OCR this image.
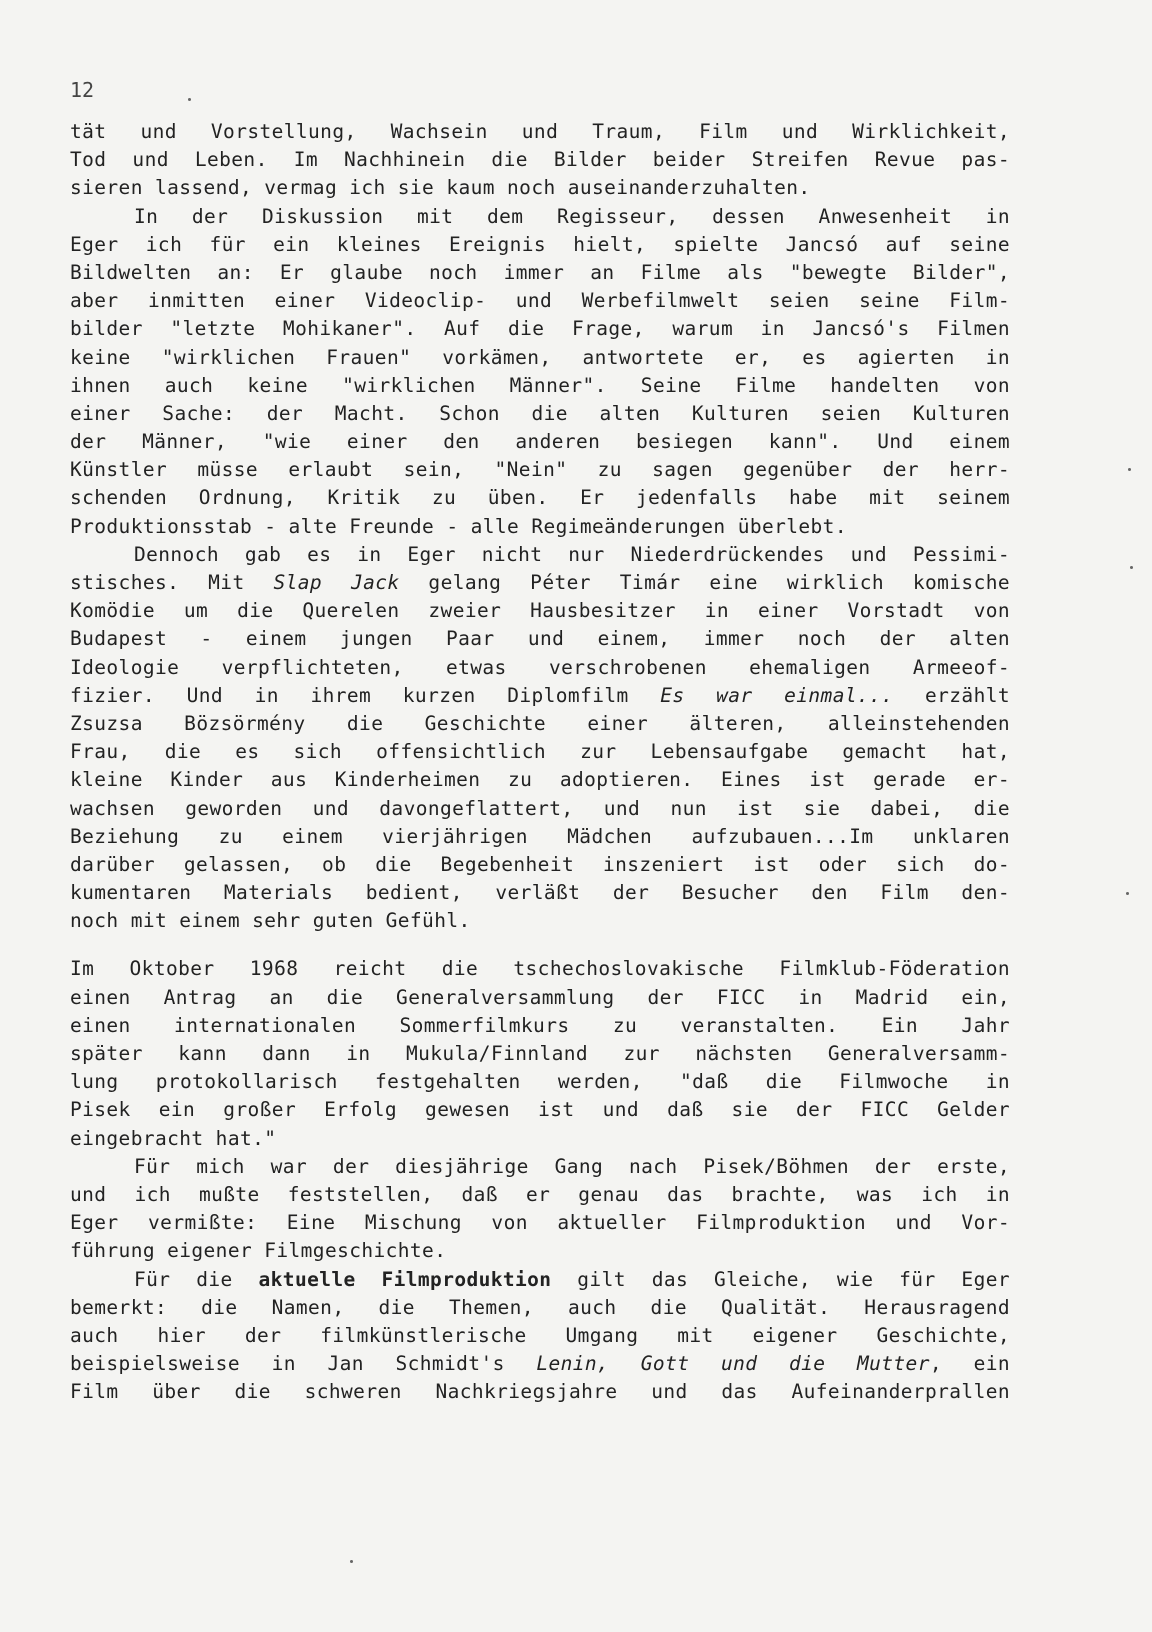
12
tät und Vorstellung, Wachsein und Traum, Film und Wirklichkeit,
Tod und Leben. Im Nachhinein die Bilder beider Streifen Revue pas-
sieren lassend, vermag ich sie kaum noch auseinanderzuhalten.
In der Diskussion mit dem Regisseur, dessen Anwesenheit in
Eger ich für ein kleines Ereignis hielt, spielte Jancsó auf seine
Bildwelten an: Er glaube noch immer an Filme als "bewegte Bilder",
aber inmitten einer Videoclip- und Werbefilmwelt seien seine Film-
bilder "letzte Mohikaner". Auf die Frage, warum in Jancsó's Filmen
keine "wirklichen Frauen" vorkämen, antwortete er, es agierten in
ihnen auch keine "wirklichen Männer". Seine Filme handelten von
einer Sache: der Macht. Schon die alten Kulturen seien Kulturen
der Männer, "wie einer den anderen besiegen kann". Und einem
Künstler müsse erlaubt sein, "Nein" zu sagen gegenüber der herr-
schenden Ordnung, Kritik zu üben. Er jedenfalls habe mit seinem
Produktionsstab - alte Freunde - alle Regimeänderungen überlebt.
Dennoch gab es in Eger nicht nur Niederdrückendes und Pessimi-
stisches. Mit Slap Jack gelang Péter Timár eine wirklich komische
Komödie um die Querelen zweier Hausbesitzer in einer Vorstadt von
Budapest - einem jungen Paar und einem, immer noch der alten
Ideologie verpflichteten, etwas verschrobenen ehemaligen Armeeof-
fizier. Und in ihrem kurzen Diplomfilm Es war einmal... erzählt
Zsuzsa Bözsörmény die Geschichte einer älteren, alleinstehenden
Frau, die es sich offensichtlich zur Lebensaufgabe gemacht hat,
kleine Kinder aus Kinderheimen zu adoptieren. Eines ist gerade er-
wachsen geworden und davongeflattert, und nun ist sie dabei, die
Beziehung zu einem vierjährigen Mädchen aufzubauen...Im unklaren
darüber gelassen, ob die Begebenheit inszeniert ist oder sich do-
kumentaren Materials bedient, verläßt der Besucher den Film den-
noch mit einem sehr guten Gefühl.
Im Oktober 1968 reicht die tschechoslovakische Filmklub-Föderation
einen Antrag an die Generalversammlung der FICC in Madrid ein,
einen internationalen Sommerfilmkurs zu veranstalten. Ein Jahr
später kann dann in Mukula/Finnland zur nächsten Generalversamm-
lung protokollarisch festgehalten werden, "daß die Filmwoche in
Pisek ein großer Erfolg gewesen ist und daß sie der FICC Gelder
eingebracht hat."
Für mich war der diesjährige Gang nach Pisek/Böhmen der erste,
und ich mußte feststellen, daß er genau das brachte, was ich in
Eger vermißte: Eine Mischung von aktueller Filmproduktion und Vor-
führung eigener Filmgeschichte.
Für die aktuelle Filmproduktion gilt das Gleiche, wie für Eger
bemerkt: die Namen, die Themen, auch die Qualität. Herausragend
auch hier der filmkünstlerische Umgang mit eigener Geschichte,
beispielsweise in Jan Schmidt's Lenin, Gott und die Mutter, ein
Film über die schweren Nachkriegsjahre und das Aufeinanderprallen
